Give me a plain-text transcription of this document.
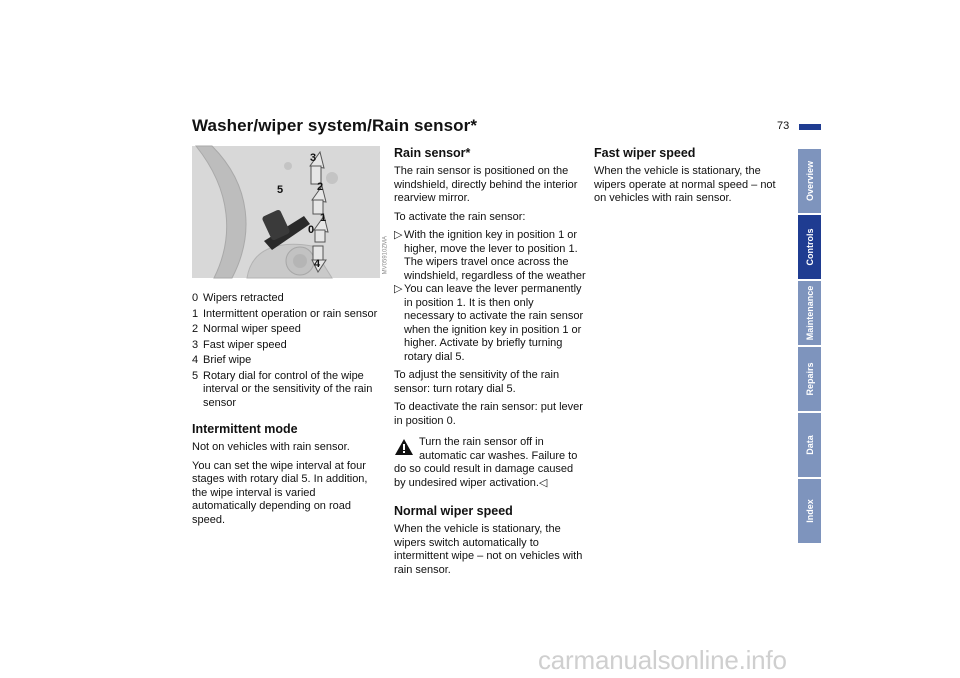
Washer/wiper system/Rain sensor*	73
Overview
Controls
Maintenance
Repairs
Data
Index
MV05910ZMA
3
2
5
1
0
4
0 Wipers retracted
1 Intermittent operation or rain sensor
2 Normal wiper speed
3 Fast wiper speed
4 Brief wipe
5 Rotary dial for control of the wipe interval or the sensitivity of the rain sensor
Intermittent mode

Not on vehicles with rain sensor.

You can set the wipe interval at four stages with rotary dial 5. In addition, the wipe interval is varied automatically depending on road speed.

Rain sensor*

The rain sensor is positioned on the windshield, directly behind the interior rearview mirror.

To activate the rain sensor:

▷ With the ignition key in position 1 or higher, move the lever to position 1. The wipers travel once across the windshield, regardless of the weather
▷ You can leave the lever permanently in position 1. It is then only necessary to activate the rain sensor when the ignition key in position 1 or higher. Activate by briefly turning rotary dial 5.

To adjust the sensitivity of the rain sensor: turn rotary dial 5.

To deactivate the rain sensor: put lever in position 0.

Turn the rain sensor off in automatic car washes. Failure to do so could result in damage caused by undesired wiper activation.◁
Normal wiper speed

When the vehicle is stationary, the wipers switch automatically to intermittent wipe – not on vehicles with rain sensor.

Fast wiper speed

When the vehicle is stationary, the wipers operate at normal speed – not on vehicles with rain sensor.

carmanualsonline.info
